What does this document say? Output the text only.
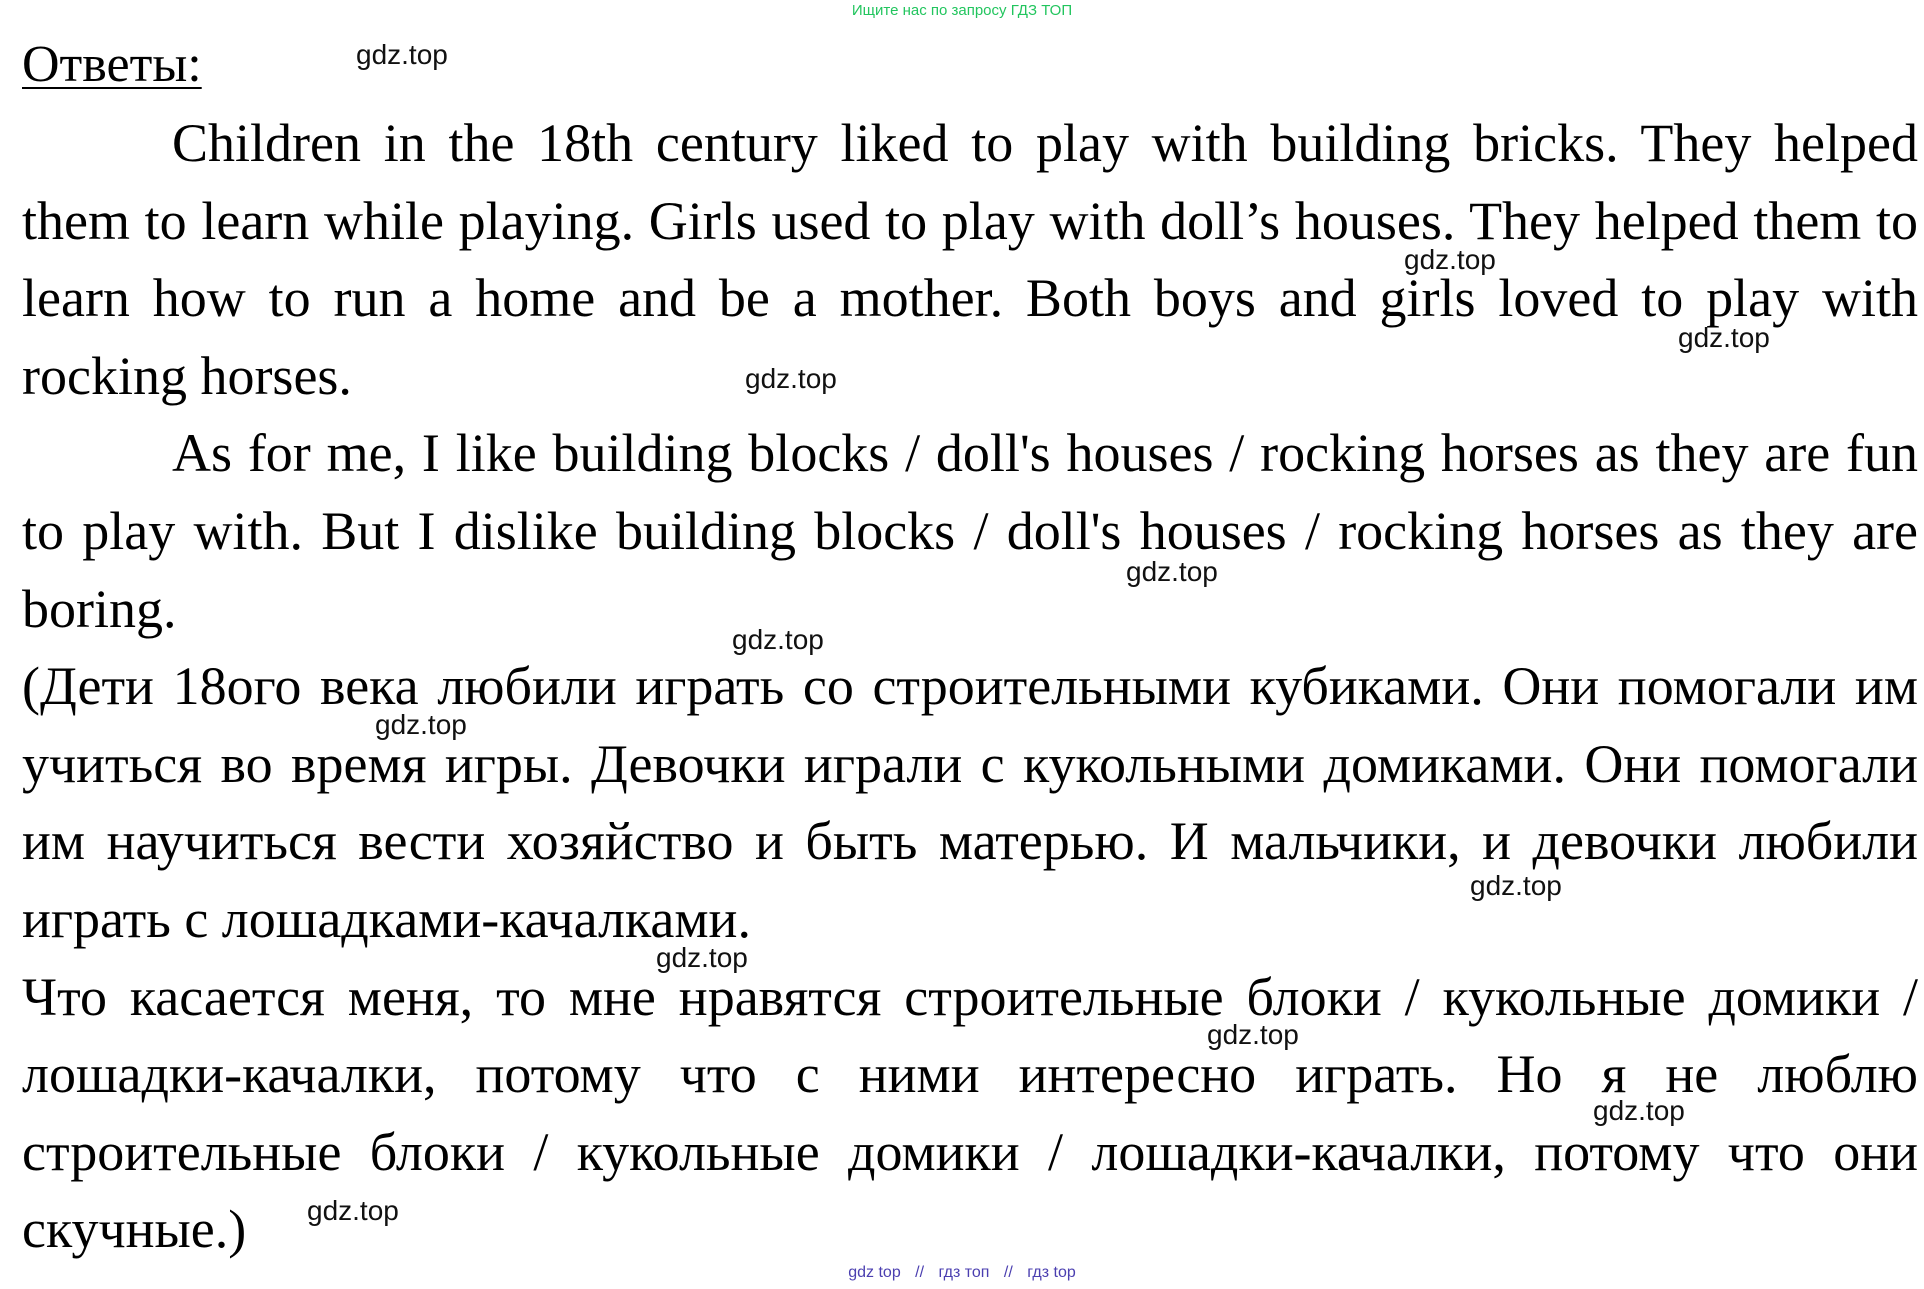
Ищите нас по запросу ГДЗ ТОП
Ответы:

Children in the 18th century liked to play with building bricks. They helped them to learn while playing. Girls used to play with doll’s houses. They helped them to learn how to run a home and be a mother. Both boys and girls loved to play with rocking horses.

As for me, I like building blocks / doll's houses / rocking horses as they are fun to play with. But I dislike building blocks / doll's houses / rocking horses as they are boring.

(Дети 18ого века любили играть со строительными кубиками. Они помогали им учиться во время игры. Девочки играли с кукольными домиками. Они помогали им научиться вести хозяйство и быть матерью. И мальчики, и девочки любили играть с лошадками-качалками.

Что касается меня, то мне нравятся строительные блоки / кукольные домики / лошадки-качалки, потому что с ними интересно играть. Но я не люблю строительные блоки / кукольные домики / лошадки-качалки, потому что они скучные.)

gdz.top
gdz.top
gdz.top
gdz.top
gdz.top
gdz.top
gdz.top
gdz.top
gdz.top
gdz.top
gdz.top
gdz.top
gdz top // гдз топ // гдз top
